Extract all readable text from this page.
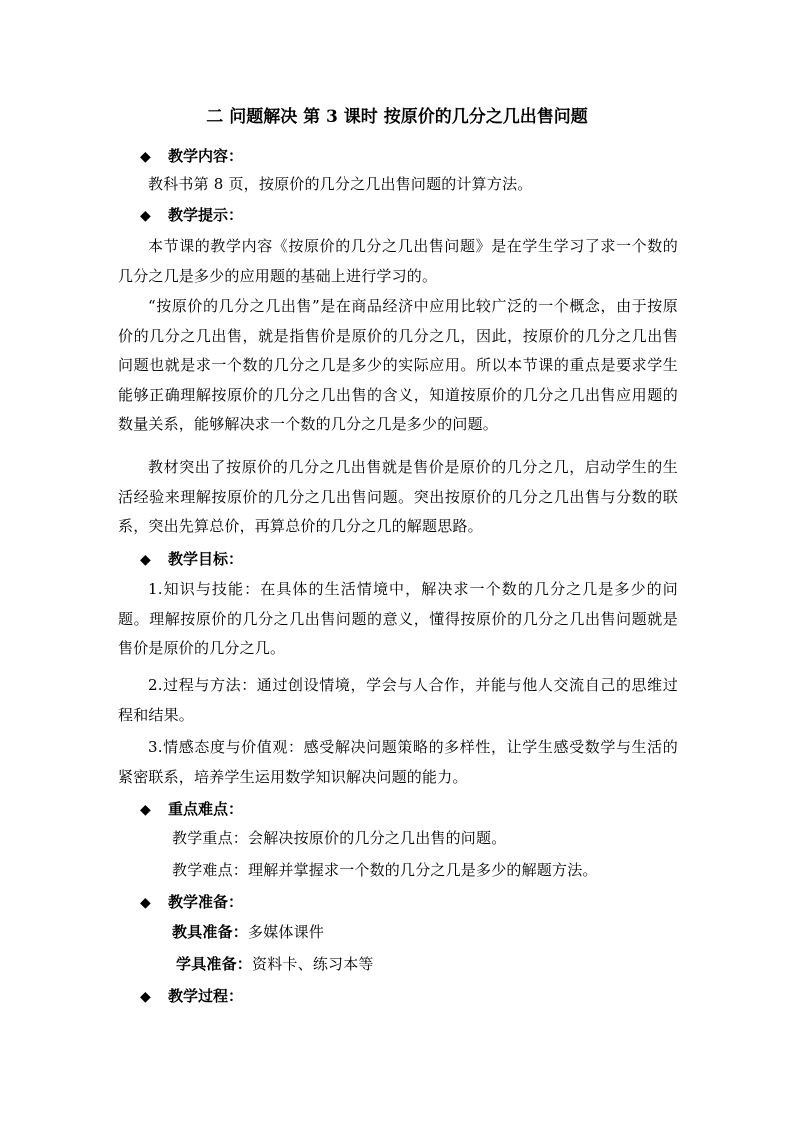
二 问题解决 第 3 课时 按原价的几分之几出售问题
◆ 教学内容：
教科书第 8 页，按原价的几分之几出售问题的计算方法。
◆ 教学提示：
本节课的教学内容《按原价的几分之几出售问题》是在学生学习了求一个数的几分之几是多少的应用题的基础上进行学习的。
“按原价的几分之几出售”是在商品经济中应用比较广泛的一个概念，由于按原价的几分之几出售，就是指售价是原价的几分之几，因此，按原价的几分之几出售问题也就是求一个数的几分之几是多少的实际应用。所以本节课的重点是要求学生能够正确理解按原价的几分之几出售的含义，知道按原价的几分之几出售应用题的数量关系，能够解决求一个数的几分之几是多少的问题。
教材突出了按原价的几分之几出售就是售价是原价的几分之几，启动学生的生活经验来理解按原价的几分之几出售问题。突出按原价的几分之几出售与分数的联系，突出先算总价，再算总价的几分之几的解题思路。
◆ 教学目标：
1.知识与技能：在具体的生活情境中，解决求一个数的几分之几是多少的问题。理解按原价的几分之几出售问题的意义，懂得按原价的几分之几出售问题就是售价是原价的几分之几。
2.过程与方法：通过创设情境，学会与人合作，并能与他人交流自己的思维过程和结果。
3.情感态度与价值观：感受解决问题策略的多样性，让学生感受数学与生活的紧密联系，培养学生运用数学知识解决问题的能力。
◆ 重点难点：
教学重点：会解决按原价的几分之几出售的问题。
教学难点：理解并掌握求一个数的几分之几是多少的解题方法。
◆ 教学准备：
教具准备：多媒体课件
学具准备：资料卡、练习本等
◆ 教学过程：
